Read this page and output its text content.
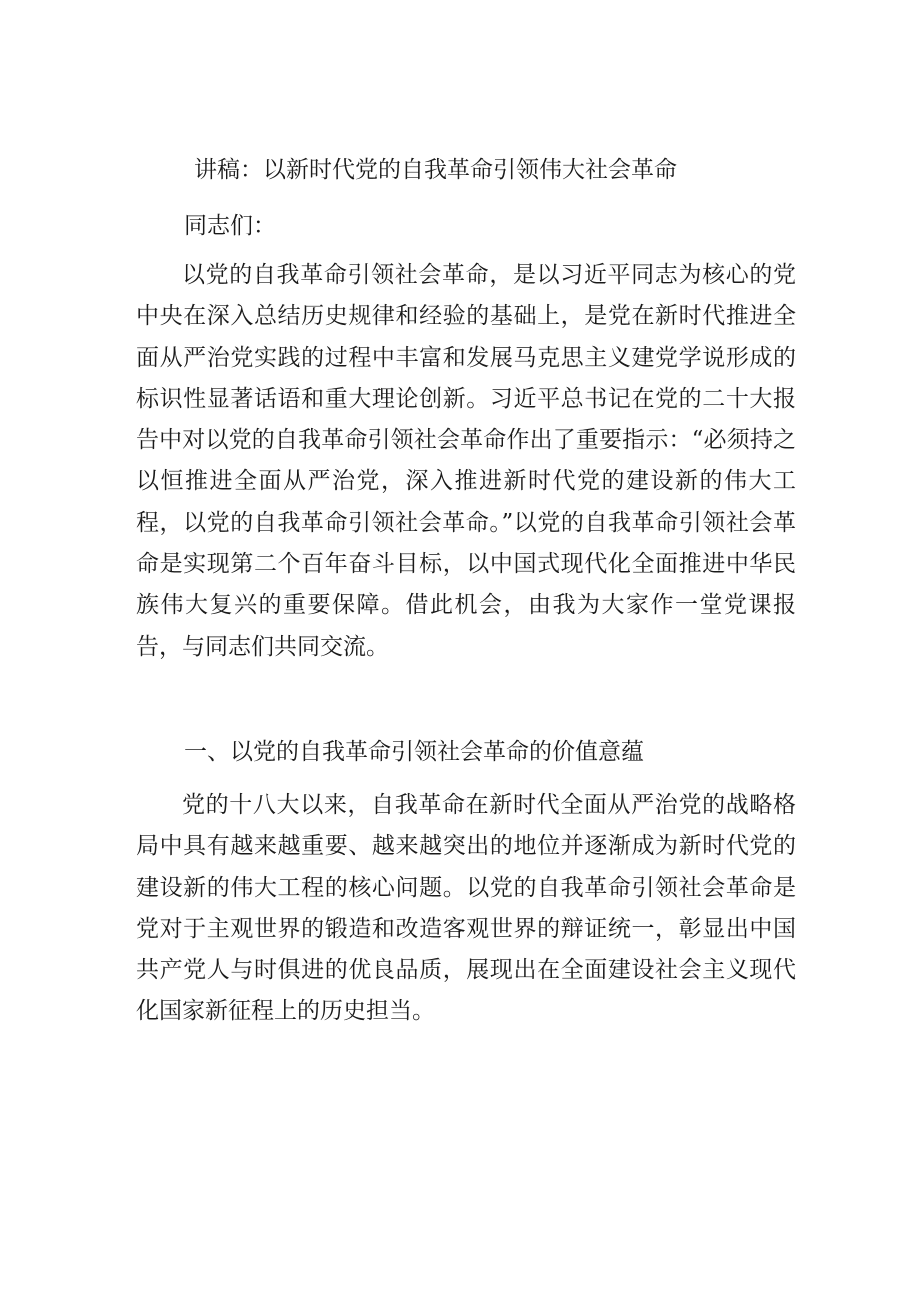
讲稿：以新时代党的自我革命引领伟大社会革命
同志们：

以党的自我革命引领社会革命，是以习近平同志为核心的党中央在深入总结历史规律和经验的基础上，是党在新时代推进全面从严治党实践的过程中丰富和发展马克思主义建党学说形成的标识性显著话语和重大理论创新。习近平总书记在党的二十大报告中对以党的自我革命引领社会革命作出了重要指示：“必须持之以恒推进全面从严治党，深入推进新时代党的建设新的伟大工程，以党的自我革命引领社会革命。”以党的自我革命引领社会革命是实现第二个百年奋斗目标，以中国式现代化全面推进中华民族伟大复兴的重要保障。借此机会，由我为大家作一堂党课报告，与同志们共同交流。

一、以党的自我革命引领社会革命的价值意蕴

党的十八大以来，自我革命在新时代全面从严治党的战略格局中具有越来越重要、越来越突出的地位并逐渐成为新时代党的建设新的伟大工程的核心问题。以党的自我革命引领社会革命是党对于主观世界的锻造和改造客观世界的辩证统一，彰显出中国共产党人与时俱进的优良品质，展现出在全面建设社会主义现代化国家新征程上的历史担当。
